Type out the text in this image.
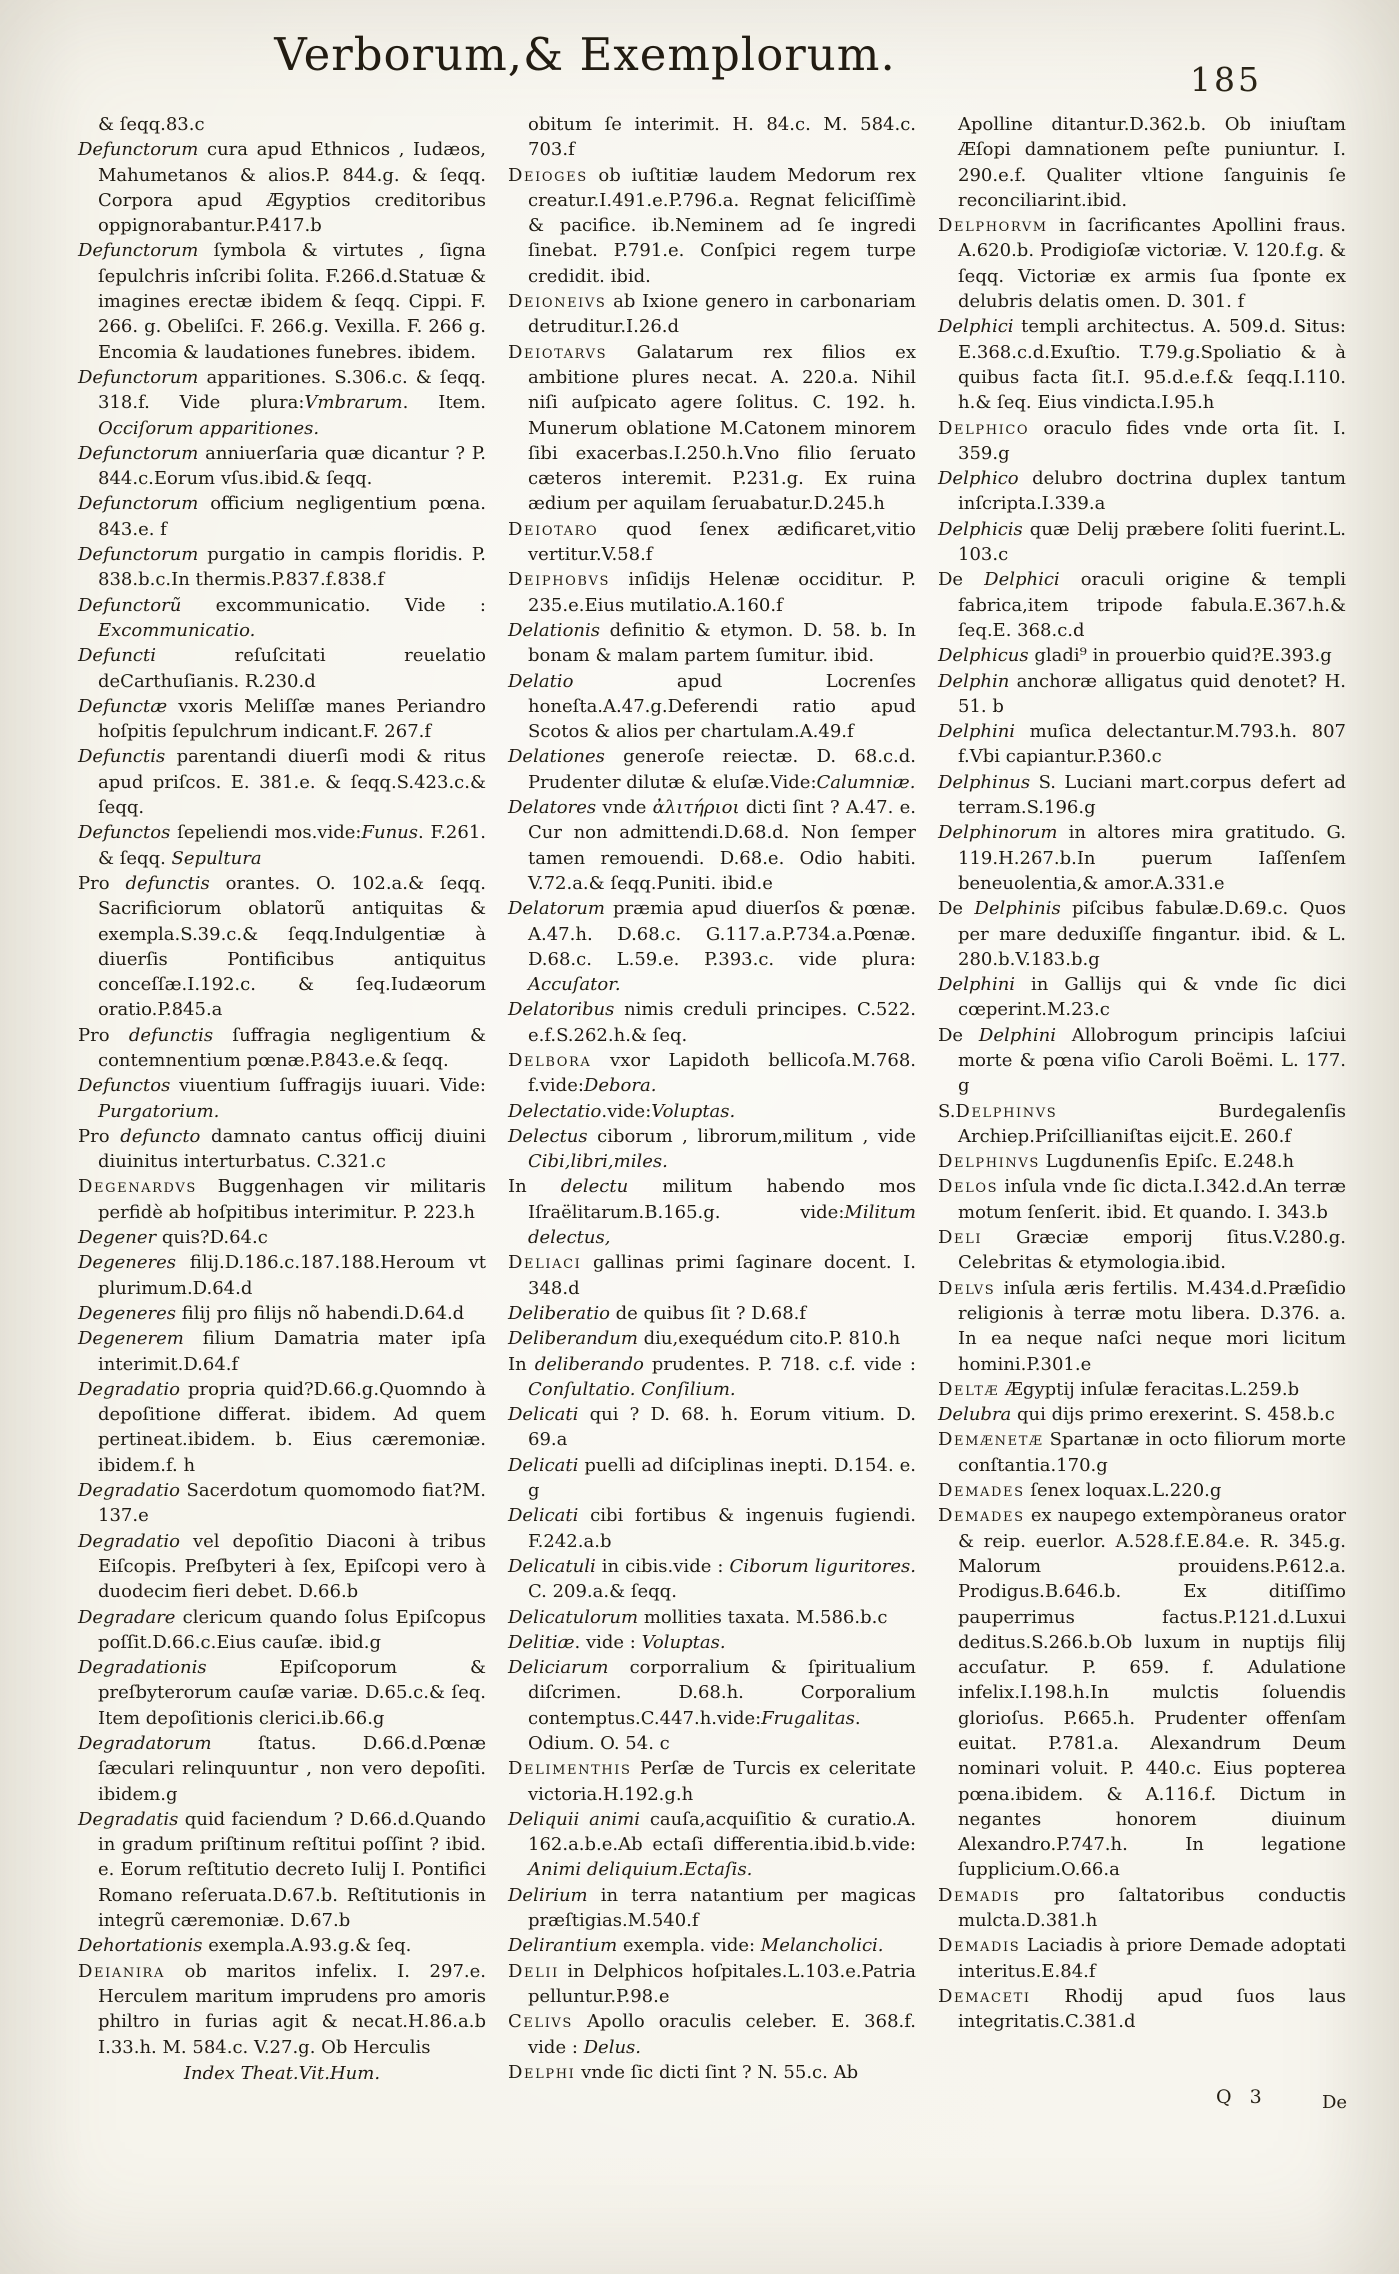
Verborum,& Exemplorum.	185

& ſeqq.83.c

Defunctorum cura apud Ethnicos , Iudæos, Mahumetanos & alios.P. 844.g. & ſeqq. Corpora apud Ægyptios creditoribus oppignorabantur.P.417.b

Defunctorum ſymbola & virtutes , ſigna ſepulchris inſcribi ſolita. F.266.d.Statuæ & imagines erectæ ibidem & ſeqq. Cippi. F. 266. g. Obeliſci. F. 266.g. Vexilla. F. 266 g. Encomia & laudationes funebres. ibidem.

Defunctorum apparitiones. S.306.c. & ſeqq. 318.f. Vide plura:Vmbrarum. Item. Occiſorum apparitiones.

Defunctorum anniuerſaria quæ dicantur ? P. 844.c.Eorum vſus.ibid.& ſeqq.

Defunctorum officium negligentium pœna. 843.e. f

Defunctorum purgatio in campis floridis. P. 838.b.c.In thermis.P.837.f.838.f

Defunctorũ excommunicatio. Vide : Excommunicatio.

Defuncti reſuſcitati reuelatio deCarthuſianis. R.230.d

Defunctæ vxoris Meliſſæ manes Periandro hoſpitis ſepulchrum indicant.F. 267.f

Defunctis parentandi diuerſi modi & ritus apud priſcos. E. 381.e. & ſeqq.S.423.c.& ſeqq.

Defunctos ſepeliendi mos.vide:Funus. F.261. & ſeqq. Sepultura

Pro defunctis orantes. O. 102.a.& ſeqq. Sacrificiorum oblatorũ antiquitas & exempla.S.39.c.& ſeqq.Indulgentiæ à diuerſis Pontificibus antiquitus conceſſæ.I.192.c. & ſeq.Iudæorum oratio.P.845.a

Pro defunctis ſuffragia negligentium & contemnentium pœnæ.P.843.e.& ſeqq.

Defunctos viuentium ſuffragijs iuuari. Vide: Purgatorium.

Pro defuncto damnato cantus officij diuini diuinitus interturbatus. C.321.c

Degenardvs Buggenhagen vir militaris perfidè ab hoſpitibus interimitur. P. 223.h

Degener quis?D.64.c

Degeneres filij.D.186.c.187.188.Heroum vt plurimum.D.64.d

Degeneres filij pro filijs nõ habendi.D.64.d

Degenerem filium Damatria mater ipſa interimit.D.64.f

Degradatio propria quid?D.66.g.Quomndo à depoſitione differat. ibidem. Ad quem pertineat.ibidem. b. Eius cæremoniæ. ibidem.f. h

Degradatio Sacerdotum quomomodo fiat?M. 137.e

Degradatio vel depoſitio Diaconi à tribus Eiſcopis. Preſbyteri à ſex, Epiſcopi vero à duodecim fieri debet. D.66.b

Degradare clericum quando ſolus Epiſcopus poſſit.D.66.c.Eius cauſæ. ibid.g

Degradationis Epiſcoporum & preſbyterorum cauſæ variæ. D.65.c.& ſeq. Item depoſitionis clerici.ib.66.g

Degradatorum ſtatus. D.66.d.Pœnæ ſæculari relinquuntur , non vero depoſiti. ibidem.g

Degradatis quid faciendum ? D.66.d.Quando in gradum priſtinum reſtitui poſſint ? ibid. e. Eorum reſtitutio decreto Iulij I. Pontifici Romano reſeruata.D.67.b. Reſtitutionis in integrũ cæremoniæ. D.67.b

Dehortationis exempla.A.93.g.& ſeq.

Deianira ob maritos infelix. I. 297.e. Herculem maritum imprudens pro amoris philtro in furias agit & necat.H.86.a.b I.33.h. M. 584.c. V.27.g. Ob Herculis

Index Theat.Vit.Hum.

obitum ſe interimit. H. 84.c. M. 584.c. 703.f

Deioges ob iuſtitiæ laudem Medorum rex creatur.I.491.e.P.796.a. Regnat feliciſſimè & pacifice. ib.Neminem ad ſe ingredi ſinebat. P.791.e. Conſpici regem turpe credidit. ibid.

Deioneivs ab Ixione genero in carbonariam detruditur.I.26.d

Deiotarvs Galatarum rex filios ex ambitione plures necat. A. 220.a. Nihil niſi auſpicato agere ſolitus. C. 192. h. Munerum oblatione M.Catonem minorem ſibi exacerbas.I.250.h.Vno filio ſeruato cæteros interemit. P.231.g. Ex ruina ædium per aquilam ſeruabatur.D.245.h

Deiotaro quod ſenex ædificaret,vitio vertitur.V.58.f

Deiphobvs inſidijs Helenæ occiditur. P. 235.e.Eius mutilatio.A.160.f

Delationis definitio & etymon. D. 58. b. In bonam & malam partem ſumitur. ibid.

Delatio apud Locrenſes honeſta.A.47.g.Deferendi ratio apud Scotos & alios per chartulam.A.49.f

Delationes generoſe reiectæ. D. 68.c.d. Prudenter dilutæ & eluſæ.Vide:Calumniæ.

Delatores vnde ἀλιτήριοι dicti ſint ? A.47. e. Cur non admittendi.D.68.d. Non ſemper tamen remouendi. D.68.e. Odio habiti. V.72.a.& ſeqq.Puniti. ibid.e

Delatorum præmia apud diuerſos & pœnæ. A.47.h. D.68.c. G.117.a.P.734.a.Pœnæ. D.68.c. L.59.e. P.393.c. vide plura: Accuſator.

Delatoribus nimis creduli principes. C.522. e.f.S.262.h.& ſeq.

Delbora vxor Lapidoth bellicoſa.M.768. f.vide:Debora.

Delectatio.vide:Voluptas.

Delectus ciborum , librorum,militum , vide Cibi,libri,miles.

In delectu militum habendo mos Iſraëlitarum.B.165.g. vide:Militum delectus,

Deliaci gallinas primi ſaginare docent. I. 348.d

Deliberatio de quibus ſit ? D.68.f

Deliberandum diu,exequédum cito.P. 810.h

In deliberando prudentes. P. 718. c.f. vide : Conſultatio. Conſilium.

Delicati qui ? D. 68. h. Eorum vitium. D. 69.a

Delicati puelli ad diſciplinas inepti. D.154. e. g

Delicati cibi fortibus & ingenuis fugiendi. F.242.a.b

Delicatuli in cibis.vide : Ciborum liguritores. C. 209.a.& ſeqq.

Delicatulorum mollities taxata. M.586.b.c

Delitiæ. vide : Voluptas.

Deliciarum corporralium & ſpiritualium diſcrimen. D.68.h. Corporalium contemptus.C.447.h.vide:Frugalitas. Odium. O. 54. c

Delimenthis Perſæ de Turcis ex celeritate victoria.H.192.g.h

Deliquii animi cauſa,acquiſitio & curatio.A. 162.a.b.e.Ab ectaſi differentia.ibid.b.vide: Animi deliquium.Ectaſis.

Delirium in terra natantium per magicas præſtigias.M.540.f

Delirantium exempla. vide: Melancholici.

Delii in Delphicos hoſpitales.L.103.e.Patria pelluntur.P.98.e

Celivs Apollo oraculis celeber. E. 368.f. vide : Delus.

Delphi vnde ſic dicti ſint ? N. 55.c. Ab

Apolline ditantur.D.362.b. Ob iniuſtam Æſopi damnationem peſte puniuntur. I. 290.e.f. Qualiter vltione ſanguinis ſe reconciliarint.ibid.

Delphorvm in ſacrificantes Apollini fraus. A.620.b. Prodigioſæ victoriæ. V. 120.f.g. & ſeqq. Victoriæ ex armis ſua ſponte ex delubris delatis omen. D. 301. f

Delphici templi architectus. A. 509.d. Situs: E.368.c.d.Exuſtio. T.79.g.Spoliatio & à quibus facta ſit.I. 95.d.e.f.& ſeqq.I.110. h.& ſeq. Eius vindicta.I.95.h

Delphico oraculo fides vnde orta ſit. I. 359.g

Delphico delubro doctrina duplex tantum inſcripta.I.339.a

Delphicis quæ Delij præbere ſoliti fuerint.L. 103.c

De Delphici oraculi origine & templi fabrica,item tripode fabula.E.367.h.& ſeq.E. 368.c.d

Delphicus gladi⁹ in prouerbio quid?E.393.g

Delphin anchoræ alligatus quid denotet? H. 51. b

Delphini muſica delectantur.M.793.h. 807 f.Vbi capiantur.P.360.c

Delphinus S. Luciani mart.corpus defert ad terram.S.196.g

Delphinorum in altores mira gratitudo. G. 119.H.267.b.In puerum Iaſſenſem beneuolentia,& amor.A.331.e

De Delphinis piſcibus fabulæ.D.69.c. Quos per mare deduxiſſe fingantur. ibid. & L. 280.b.V.183.b.g

Delphini in Gallijs qui & vnde ſic dici cœperint.M.23.c

De Delphini Allobrogum principis laſciui morte & pœna viſio Caroli Boëmi. L. 177. g

S.Delphinvs Burdegalenſis Archiep.Priſcillianiſtas eijcit.E. 260.f

Delphinvs Lugdunenſis Epiſc. E.248.h

Delos inſula vnde ſic dicta.I.342.d.An terræ motum ſenſerit. ibid. Et quando. I. 343.b

Deli Græciæ emporij ſitus.V.280.g. Celebritas & etymologia.ibid.

Delvs inſula æris fertilis. M.434.d.Præſidio religionis à terræ motu libera. D.376. a. In ea neque naſci neque mori licitum homini.P.301.e

Deltæ Ægyptij inſulæ feracitas.L.259.b

Delubra qui dijs primo erexerint. S. 458.b.c

Demænetæ Spartanæ in octo filiorum morte conſtantia.170.g

Demades ſenex loquax.L.220.g

Demades ex naupego extempòraneus orator & reip. euerlor. A.528.f.E.84.e. R. 345.g. Malorum prouidens.P.612.a. Prodigus.B.646.b. Ex ditiſſimo pauperrimus factus.P.121.d.Luxui deditus.S.266.b.Ob luxum in nuptijs filij accuſatur. P. 659. f. Adulatione infelix.I.198.h.In mulctis ſoluendis glorioſus. P.665.h. Prudenter offenſam euitat. P.781.a. Alexandrum Deum nominari voluit. P. 440.c. Eius popterea pœna.ibidem. & A.116.f. Dictum in negantes honorem diuinum Alexandro.P.747.h. In legatione ſupplicium.O.66.a

Demadis pro ſaltatoribus conductis mulcta.D.381.h

Demadis Laciadis à priore Demade adoptati interitus.E.84.f

Demaceti Rhodij apud ſuos laus integritatis.C.381.d

Q 3	De
